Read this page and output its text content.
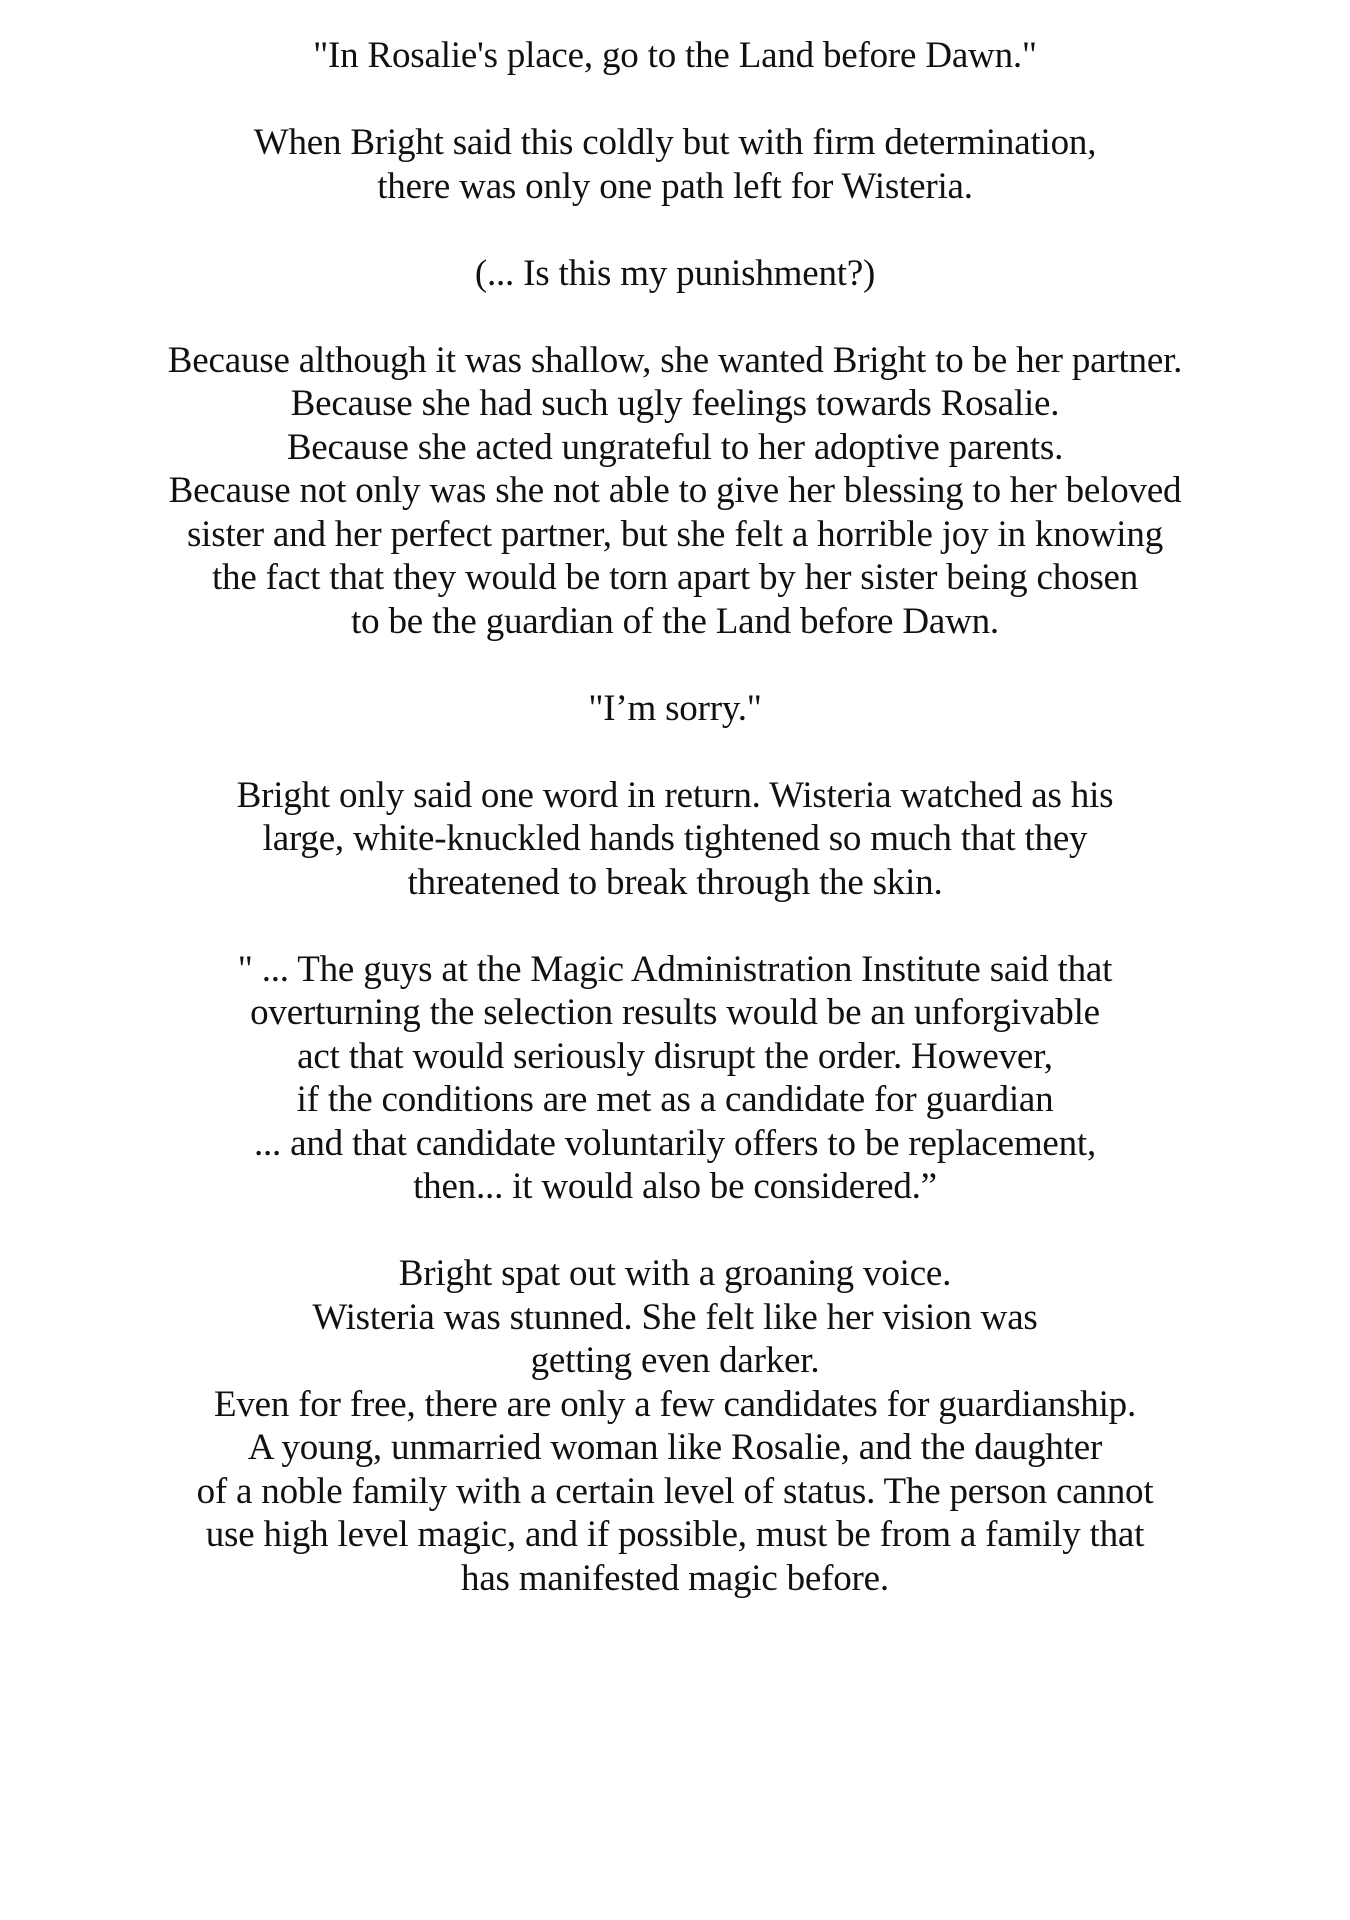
"In Rosalie's place, go to the Land before Dawn."
When Bright said this coldly but with firm determination,
there was only one path left for Wisteria.
(... Is this my punishment?)
Because although it was shallow, she wanted Bright to be her partner.
Because she had such ugly feelings towards Rosalie.
Because she acted ungrateful to her adoptive parents.
Because not only was she not able to give her blessing to her beloved
sister and her perfect partner, but she felt a horrible joy in knowing
the fact that they would be torn apart by her sister being chosen
to be the guardian of the Land before Dawn.
"I’m sorry."
Bright only said one word in return. Wisteria watched as his
large, white-knuckled hands tightened so much that they
threatened to break through the skin.
" ... The guys at the Magic Administration Institute said that
overturning the selection results would be an unforgivable
act that would seriously disrupt the order. However,
if the conditions are met as a candidate for guardian
... and that candidate voluntarily offers to be replacement,
then... it would also be considered.”
Bright spat out with a groaning voice.
Wisteria was stunned. She felt like her vision was
getting even darker.
Even for free, there are only a few candidates for guardianship.
A young, unmarried woman like Rosalie, and the daughter
of a noble family with a certain level of status. The person cannot
use high level magic, and if possible, must be from a family that
has manifested magic before.
